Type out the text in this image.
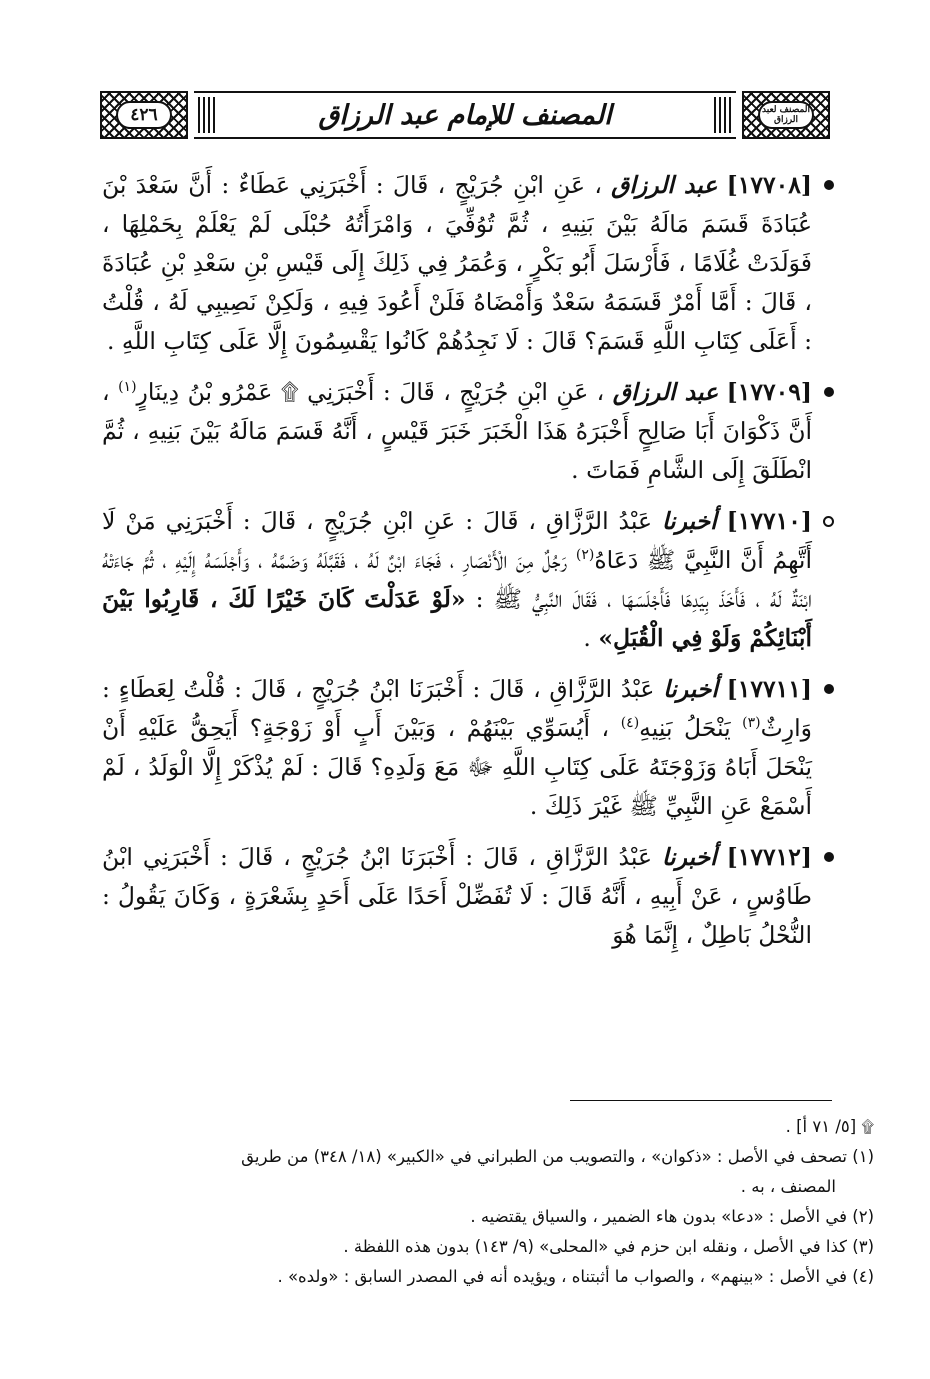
٤٢٦	المصنف للإمام عبد الرزاق	المصنف لعبد الرزاق

[١٧٧٠٨] عبد الرزاق ، عَنِ ابْنِ جُرَيْجٍ ، قَالَ : أَخْبَرَنِي عَطَاءٌ : أَنَّ سَعْدَ بْنَ عُبَادَةَ قَسَمَ مَالَهُ بَيْنَ بَنِيهِ ، ثُمَّ تُوُفِّيَ ، وَامْرَأَتُهُ حُبْلَى لَمْ يَعْلَمْ بِحَمْلِهَا ، فَوَلَدَتْ غُلَامًا ، فَأَرْسَلَ أَبُو بَكْرٍ ، وَعُمَرُ فِي ذَلِكَ إِلَى قَيْسِ بْنِ سَعْدِ بْنِ عُبَادَةَ ، قَالَ : أَمَّا أَمْرٌ قَسَمَهُ سَعْدٌ وَأَمْضَاهُ فَلَنْ أَعُودَ فِيهِ ، وَلَكِنْ نَصِيبِي لَهُ ، قُلْتُ : أَعَلَى كِتَابِ اللَّهِ قَسَمَ؟ قَالَ : لَا نَجِدُهُمْ كَانُوا يَقْسِمُونَ إِلَّا عَلَى كِتَابِ اللَّهِ .

[١٧٧٠٩] عبد الرزاق ، عَنِ ابْنِ جُرَيْجٍ ، قَالَ : أَخْبَرَنِي ۩ عَمْرُو بْنُ دِينَارٍ$^{(١)}$ ، أَنَّ ذَكْوَانَ أَبَا صَالِحٍ أَخْبَرَهُ هَذَا الْخَبَرَ خَبَرَ قَيْسٍ ، أَنَّهُ قَسَمَ مَالَهُ بَيْنَ بَنِيهِ ، ثُمَّ انْطَلَقَ إِلَى الشَّامِ فَمَاتَ .

[١٧٧١٠] أخبرنا عَبْدُ الرَّزَّاقِ ، قَالَ : عَنِ ابْنِ جُرَيْجٍ ، قَالَ : أَخْبَرَنِي مَنْ لَا أَتَّهِمُ أَنَّ النَّبِيَّ ﷺ دَعَاهُ$^{(٢)}$ رَجُلٌ مِنَ الْأَنْصَارِ ، فَجَاءَ ابْنٌ لَهُ ، فَقَبَّلَهُ وَضَمَّهُ ، وَأَجْلَسَهُ إِلَيْهِ ، ثُمَّ جَاءَتْهُ ابْنَةٌ لَهُ ، فَأَخَذَ بِيَدِهَا فَأَجْلَسَهَا ، فَقَالَ النَّبِيُّ ﷺ : «لَوْ عَدَلْتَ كَانَ خَيْرًا لَكَ ، قَارِبُوا بَيْنَ أَبْنَائِكُمْ وَلَوْ فِي الْقُبَلِ» .

[١٧٧١١] أخبرنا عَبْدُ الرَّزَّاقِ ، قَالَ : أَخْبَرَنَا ابْنُ جُرَيْجٍ ، قَالَ : قُلْتُ لِعَطَاءٍ : وَارِثٌ$^{(٣)}$ يَنْحَلُ بَنِيهِ$^{(٤)}$ ، أَيُسَوِّي بَيْنَهُمْ ، وَبَيْنَ أَبٍ أَوْ زَوْجَةٍ؟ أَيَحِقُّ عَلَيْهِ أَنْ يَنْحَلَ أَبَاهُ وَزَوْجَتَهُ عَلَى كِتَابِ اللَّهِ ﷻ مَعَ وَلَدِهِ؟ قَالَ : لَمْ يُذْكَرْ إِلَّا الْوَلَدُ ، لَمْ أَسْمَعْ عَنِ النَّبِيِّ ﷺ غَيْرَ ذَلِكَ .

[١٧٧١٢] أخبرنا عَبْدُ الرَّزَّاقِ ، قَالَ : أَخْبَرَنَا ابْنُ جُرَيْجٍ ، قَالَ : أَخْبَرَنِي ابْنُ طَاوُسٍ ، عَنْ أَبِيهِ ، أَنَّهُ قَالَ : لَا تُفَضِّلْ أَحَدًا عَلَى أَحَدٍ بِشَعْرَةٍ ، وَكَانَ يَقُولُ : النُّحْلُ بَاطِلٌ ، إِنَّمَا هُوَ

۩ [٥/ ٧١ أ] .

(١) تصحف في الأصل : «ذكوان» ، والتصويب من الطبراني في «الكبير» (١٨/ ٣٤٨) من طريق

المصنف ، به .

(٢) في الأصل : «دعا» بدون هاء الضمير ، والسياق يقتضيه .

(٣) كذا في الأصل ، ونقله ابن حزم في «المحلى» (٩/ ١٤٣) بدون هذه اللفظة .

(٤) في الأصل : «بينهم» ، والصواب ما أثبتناه ، ويؤيده أنه في المصدر السابق : «ولده» .
